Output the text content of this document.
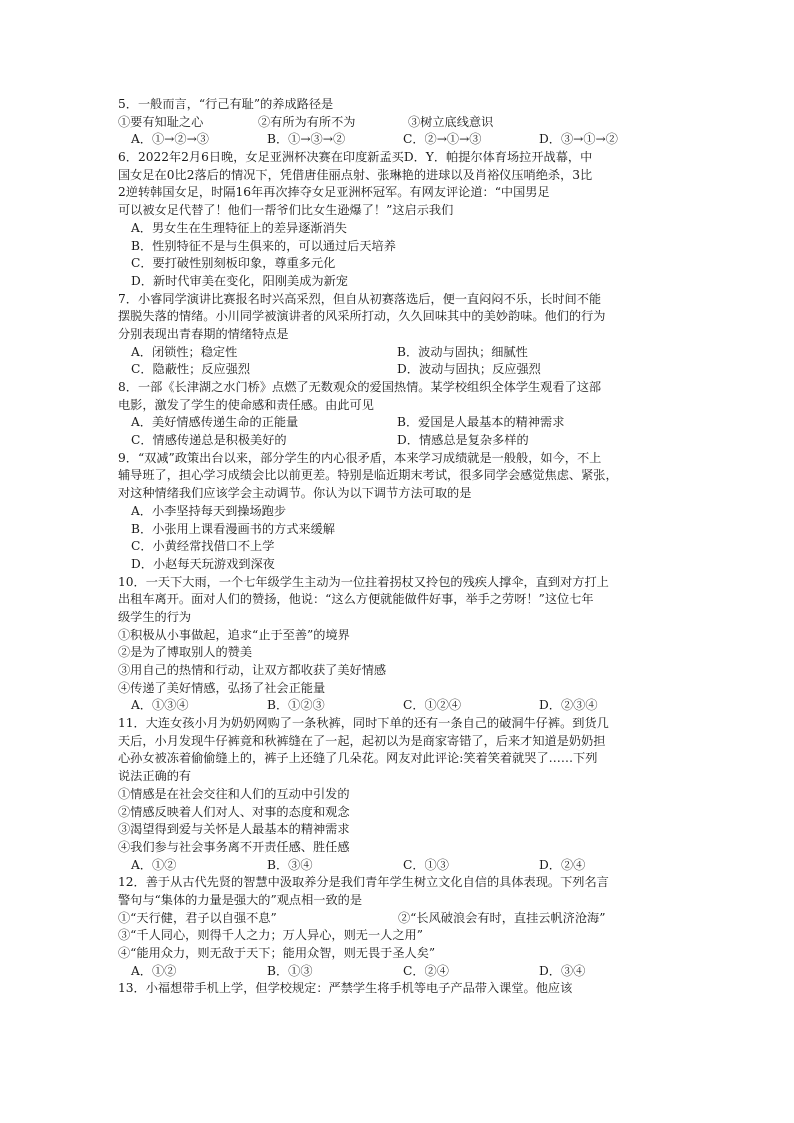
5．一般而言，“行己有耻”的养成路径是
①要有知耻之心	②有所为有所不为	③树立底线意识
A．①→②→③	B．①→③→②	C．②→①→③	D．③→①→②
6．2022年2月6日晚，女足亚洲杯决赛在印度新孟买D．Y．帕提尔体育场拉开战幕，中
国女足在0比2落后的情况下，凭借唐佳丽点射、张琳艳的进球以及肖裕仪压哨绝杀，3比
2逆转韩国女足，时隔16年再次捧夺女足亚洲杯冠军。有网友评论道：“中国男足
可以被女足代替了！他们一帮爷们比女生逊爆了！”这启示我们
A．男女生在生理特征上的差异逐渐消失
B．性别特征不是与生俱来的，可以通过后天培养
C．要打破性别刻板印象，尊重多元化
D．新时代审美在变化，阳刚美成为新宠
7．小睿同学演讲比赛报名时兴高采烈，但自从初赛落选后，便一直闷闷不乐，长时间不能
摆脱失落的情绪。小川同学被演讲者的风采所打动，久久回味其中的美妙韵味。他们的行为
分别表现出青春期的情绪特点是
A．闭锁性；稳定性	B．波动与固执；细腻性
C．隐蔽性；反应强烈	D．波动与固执；反应强烈
8．一部《长津湖之水门桥》点燃了无数观众的爱国热情。某学校组织全体学生观看了这部
电影，激发了学生的使命感和责任感。由此可见
A．美好情感传递生命的正能量	B．爱国是人最基本的精神需求
C．情感传递总是积极美好的	D．情感总是复杂多样的
9．“双减”政策出台以来，部分学生的内心很矛盾，本来学习成绩就是一般般，如今，不上
辅导班了，担心学习成绩会比以前更差。特别是临近期末考试，很多同学会感觉焦虑、紧张，
对这种情绪我们应该学会主动调节。你认为以下调节方法可取的是
A．小李坚持每天到操场跑步
B．小张用上课看漫画书的方式来缓解
C．小黄经常找借口不上学
D．小赵每天玩游戏到深夜
10．一天下大雨，一个七年级学生主动为一位拄着拐杖又拎包的残疾人撑伞，直到对方打上
出租车离开。面对人们的赞扬，他说：“这么方便就能做件好事，举手之劳呀！”这位七年
级学生的行为
①积极从小事做起，追求“止于至善”的境界
②是为了博取别人的赞美
③用自己的热情和行动，让双方都收获了美好情感
④传递了美好情感，弘扬了社会正能量
A．①③④	B．①②③	C．①②④	D．②③④
11．大连女孩小月为奶奶网购了一条秋裤，同时下单的还有一条自己的破洞牛仔裤。到货几
天后，小月发现牛仔裤竟和秋裤缝在了一起，起初以为是商家寄错了，后来才知道是奶奶担
心孙女被冻着偷偷缝上的，裤子上还缝了几朵花。网友对此评论:笑着笑着就哭了……下列
说法正确的有
①情感是在社会交往和人们的互动中引发的
②情感反映着人们对人、对事的态度和观念
③渴望得到爱与关怀是人最基本的精神需求
④我们参与社会事务离不开责任感、胜任感
A．①②	B．③④	C．①③	D．②④
12．善于从古代先贤的智慧中汲取养分是我们青年学生树立文化自信的具体表现。下列名言
警句与“集体的力量是强大的”观点相一致的是
①“天行健，君子以自强不息”	②“长风破浪会有时，直挂云帆济沧海”
③“千人同心，则得千人之力；万人异心，则无一人之用”
④“能用众力，则无敌于天下；能用众智，则无畏于圣人矣”
A．①②	B．①③	C．②④	D．③④
13．小福想带手机上学，但学校规定：严禁学生将手机等电子产品带入课堂。他应该
